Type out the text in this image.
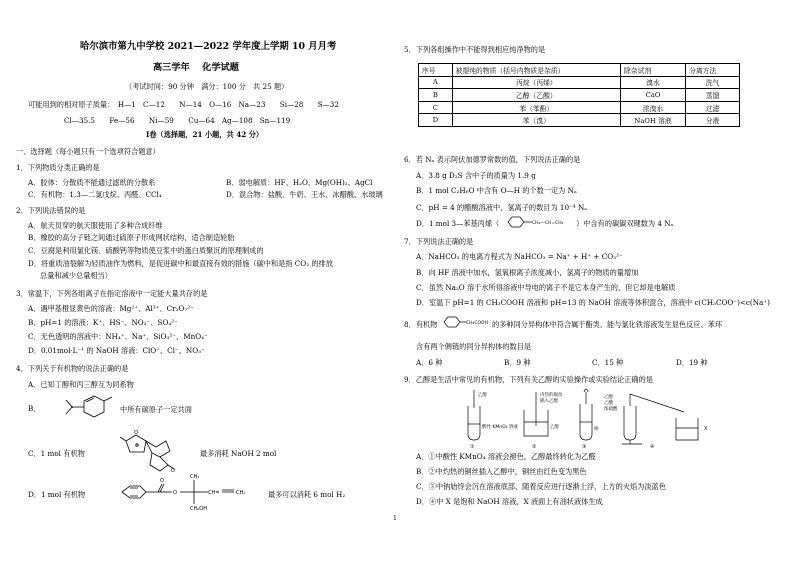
哈尔滨市第九中学校 2021—2022 学年度上学期 10 月月考
高三学年　 化学试题
（考试时间：90 分钟　满分：100 分　共 25 题）
可能用到的相对原子质量：　H—1　C—12　　N—14　O—16　Na—23　　Si—28　　S—32
Cl—35.5　　Fe—56　　Ni—59　　Cu—64　Ag—108　Sn—119
Ⅰ卷（选择题，21 小题，共 42 分）
一、选择题（每小题只有一个选项符合题意）
1．下列物质分类正确的是
A．胶体：分散质不能通过滤纸的分散系	B．弱电解质：HF、H₂O、Mg(OH)₂、AgCl
C．有机物：1,3—二氯戊烷、丙醛、CCl₄	D．混合物：盐酸、牛奶、王水、冰醋酸、水玻璃
2．下列说法错误的是
A．航天员穿的航天服使用了多种合成纤维
B．橡胶的高分子链之间通过硫原子形成网状结构，适合制造轮胎
C．豆腐是利用氯化镁、硫酸钙等物质使豆浆中的蛋白质聚沉的原理制成的
D．将重质油裂解为轻质油作为燃料，是促进碳中和最直接有效的措施（碳中和是指 CO₂ 的排放
总量和减少总量相当）
3．常温下，下列各组离子在指定溶液中一定能大量共存的是
A．遇甲基橙显黄色的溶液：Mg²⁺、Al³⁺、Cr₂O₇²⁻
B．pH=1 的溶液：K⁺、HS⁻、NO₃⁻、SO₄²⁻
C．无色透明的溶液中：NH₄⁺、Na⁺、SiO₃²⁻、MnO₄⁻
D．0.01mol·L⁻¹ 的 NaOH 溶液：ClO⁻、Cl⁻、NO₃⁻
4．下列关于有机物的说法正确的是
A．已知丁醇和丙三醇互为同系物
B．	中所有碳原子一定共面
C．1 mol 有机物
O
O
最多消耗 NaOH 2 mol
D．1 mol 有机物
O
O
CH₃
CH=	CH₂
CH₂OH
最多可以消耗 6 mol H₂
5．下列各组操作中不能得到相应纯净物的是
序号	被提纯的物质（括号内物质是杂质）	除杂试剂	分离方法
A	丙烷（丙烯）	溴水	洗气
B	乙醇（乙酸）	CaO	蒸馏
C	苯（苯酚）	浓溴水	过滤
D	苯（溴）	NaOH 溶液	分液
6．若 Nₐ 表示阿伏加德罗常数的值，下列说法正确的是
A．3.8 g D₂S 含中子的质量为 1.9 g
B．1 mol C₂H₆O 中含有 O—H 的个数一定为 Nₐ
C．pH = 4 的醋酸溶液中，氢离子的数目为 10⁻⁴ Nₐ
D．1 mol 3—苯基丙烯（	CH₂—CH=CH₂ ）中含有的碳碳双键数为 4 Nₐ
7．下列说法正确的是
A．NaHCO₃ 的电离方程式为 NaHCO₃ = Na⁺ + H⁺ + CO₃²⁻
B．向 HF 溶液中加水，氢氧根离子浓度减小，氢离子的物质的量增加
C．虽然 Na₂O 溶于水所得溶液中导电的离子不是它本身产生的，但它却是电解质
D．室温下 pH=1 的 CH₃COOH 溶液和 pH=13 的 NaOH 溶液等体积混合，溶液中 c(CH₃COO⁻)<c(Na⁺)
8．有机物	CH₂COOH 的多种同分异构体中符合属于酯类、能与氯化铁溶液发生显色反应、苯环
含有两个侧链的同分异构体的数目是
A．6 种	B．9 种	C．15 种	D．19 种
9．乙醇是生活中常见的有机物，下列有关乙醇的实验操作或实验结论正确的是
乙醇
酸性 KMnO₄ 溶液
内热的铜丝
插入乙醇
乙醇	钠
乙醇
乙酸
浓硫酸
X
①	②	③	④
A．①中酸性 KMnO₄ 溶液会褪色，乙醇最终转化为乙醛
B．②中灼热的铜丝插入乙醇中，铜丝由红色变为黑色
C．③中钠始终会沉在溶液底部，随着反应进行逐渐上浮，上方的火焰为淡蓝色
D．④中 X 是饱和 NaOH 溶液，X 液面上有油状液体生成
1
